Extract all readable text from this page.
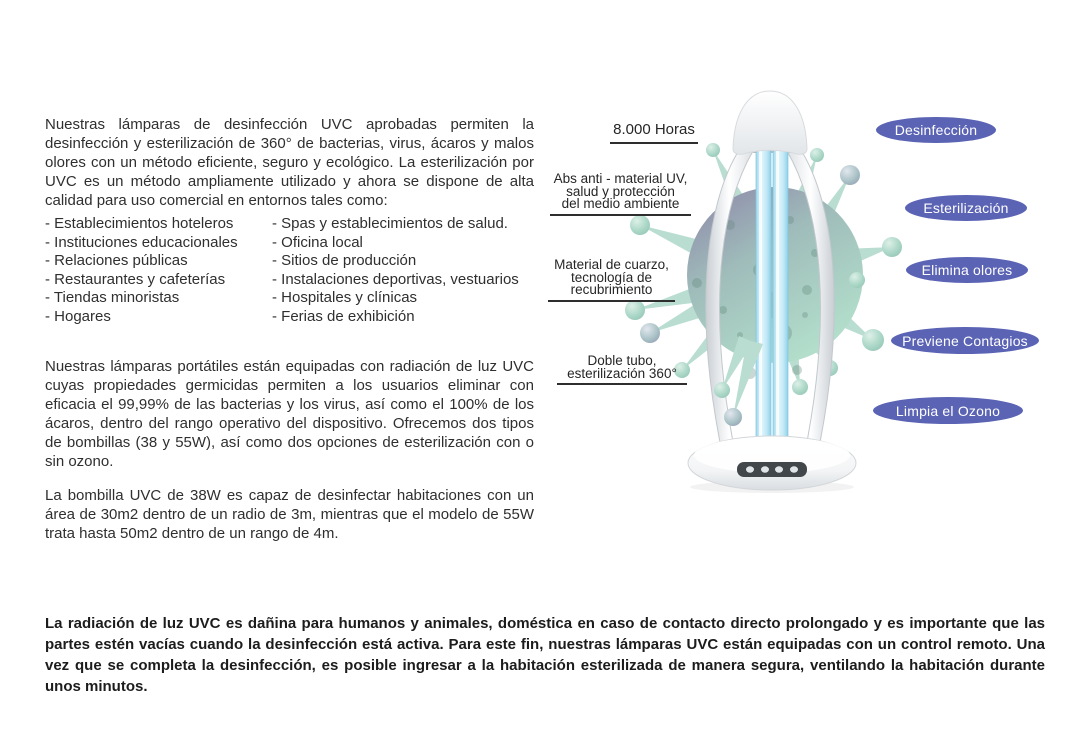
Nuestras lámparas de desinfección UVC aprobadas permiten la desinfección y esterilización de 360° de bacterias, virus, ácaros y malos olores con un método eficiente, seguro y ecológico. La esterilización por UVC es un método ampliamente utilizado y ahora se dispone de alta calidad para uso comercial en entornos tales como:

- Establecimientos hoteleros
- Instituciones educacionales
- Relaciones públicas
- Restaurantes y cafeterías
- Tiendas minoristas
- Hogares
- Spas y establecimientos de salud.
- Oficina local
- Sitios de producción
- Instalaciones deportivas, vestuarios
- Hospitales y clínicas
- Ferias de exhibición

Nuestras lámparas portátiles están equipadas con radiación de luz UVC cuyas propiedades germicidas permiten a los usuarios eliminar con eficacia el 99,99% de las bacterias y los virus, así como el 100% de los ácaros, dentro del rango operativo del dispositivo. Ofrecemos dos tipos de bombillas (38 y 55W), así como dos opciones de esterilización con o sin ozono.

La bombilla UVC de 38W es capaz de desinfectar habitaciones con un área de 30m2 dentro de un radio de 3m, mientras que el modelo de 55W trata hasta 50m2 dentro de un rango de 4m.

La radiación de luz UVC es dañina para humanos y animales, doméstica en caso de contacto directo prolongado y es importante que las partes estén vacías cuando la desinfección está activa. Para este fin, nuestras lámparas UVC están equipadas con un control remoto. Una vez que se completa la desinfección, es posible ingresar a la habitación esterilizada de manera segura, ventilando la habitación durante unos minutos.

8.000 Horas
Abs anti - material UV,
salud y protección
del medio ambiente
Material de cuarzo,
tecnología de
recubrimiento
Doble tubo,
esterilización 360°
Desinfección
Esterilización
Elimina olores
Previene Contagios
Limpia el Ozono
